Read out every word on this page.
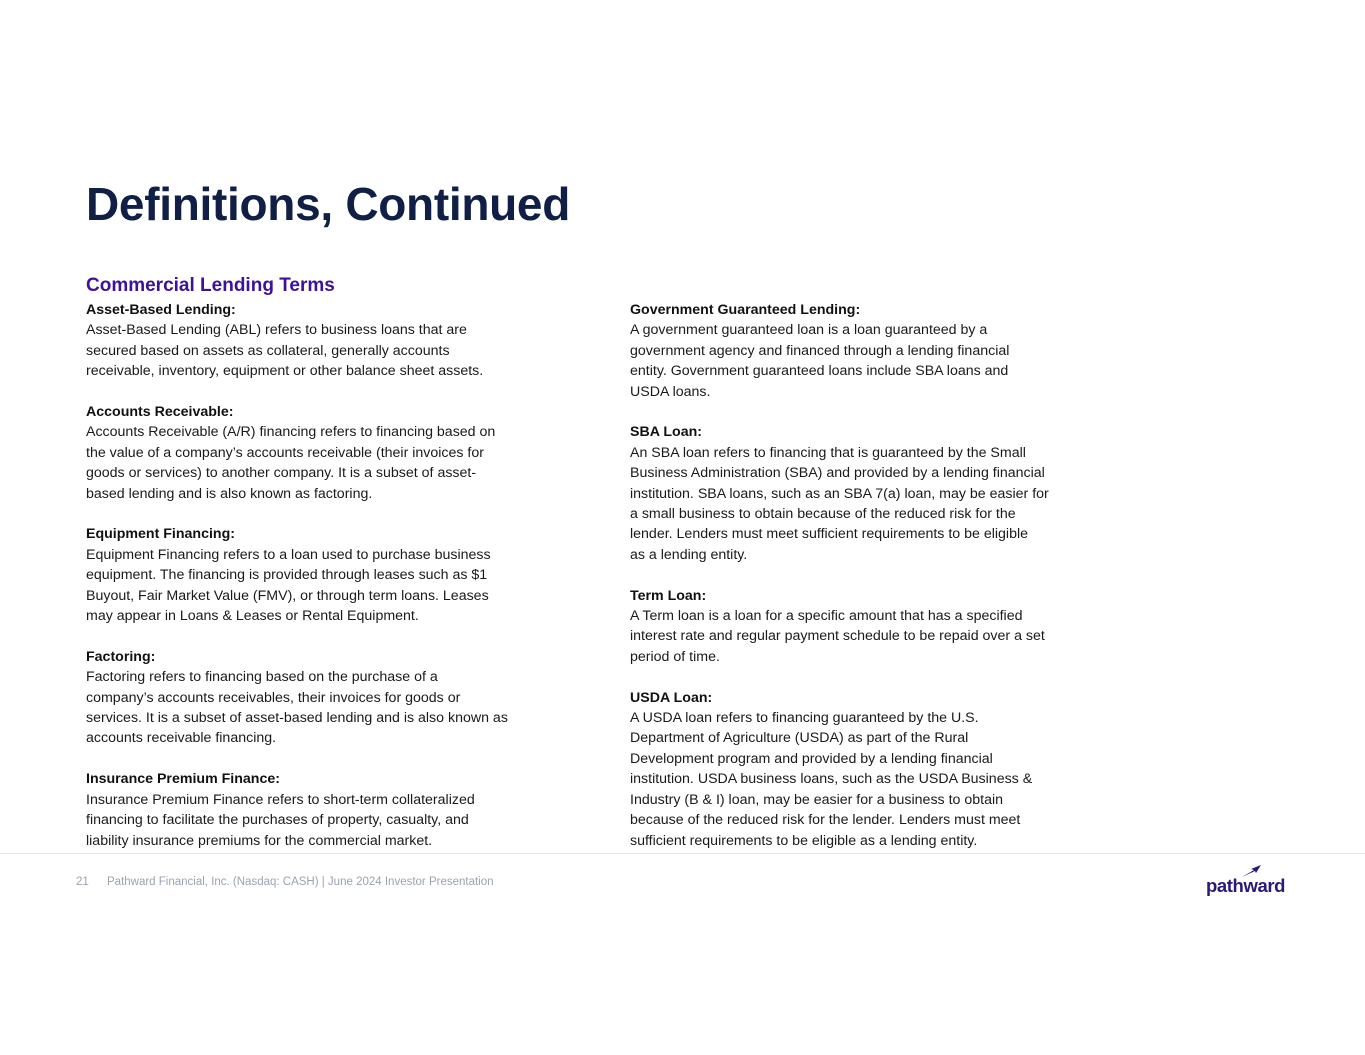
Definitions, Continued
Commercial Lending Terms
Asset-Based Lending:
Asset-Based Lending (ABL) refers to business loans that are
secured based on assets as collateral, generally accounts
receivable, inventory, equipment or other balance sheet assets.
Accounts Receivable:
Accounts Receivable (A/R) financing refers to financing based on
the value of a company’s accounts receivable (their invoices for
goods or services) to another company. It is a subset of asset-
based lending and is also known as factoring.
Equipment Financing:
Equipment Financing refers to a loan used to purchase business
equipment. The financing is provided through leases such as $1
Buyout, Fair Market Value (FMV), or through term loans. Leases
may appear in Loans & Leases or Rental Equipment.
Factoring:
Factoring refers to financing based on the purchase of a
company’s accounts receivables, their invoices for goods or
services. It is a subset of asset-based lending and is also known as
accounts receivable financing.
Insurance Premium Finance:
Insurance Premium Finance refers to short-term collateralized
financing to facilitate the purchases of property, casualty, and
liability insurance premiums for the commercial market.
Government Guaranteed Lending:
A government guaranteed loan is a loan guaranteed by a
government agency and financed through a lending financial
entity. Government guaranteed loans include SBA loans and
USDA loans.
SBA Loan:
An SBA loan refers to financing that is guaranteed by the Small
Business Administration (SBA) and provided by a lending financial
institution. SBA loans, such as an SBA 7(a) loan, may be easier for
a small business to obtain because of the reduced risk for the
lender. Lenders must meet sufficient requirements to be eligible
as a lending entity.
Term Loan:
A Term loan is a loan for a specific amount that has a specified
interest rate and regular payment schedule to be repaid over a set
period of time.
USDA Loan:
A USDA loan refers to financing guaranteed by the U.S.
Department of Agriculture (USDA) as part of the Rural
Development program and provided by a lending financial
institution. USDA business loans, such as the USDA Business &
Industry (B & I) loan, may be easier for a business to obtain
because of the reduced risk for the lender. Lenders must meet
sufficient requirements to be eligible as a lending entity.
21 Pathward Financial, Inc. (Nasdaq: CASH) | June 2024 Investor Presentation	pathward
